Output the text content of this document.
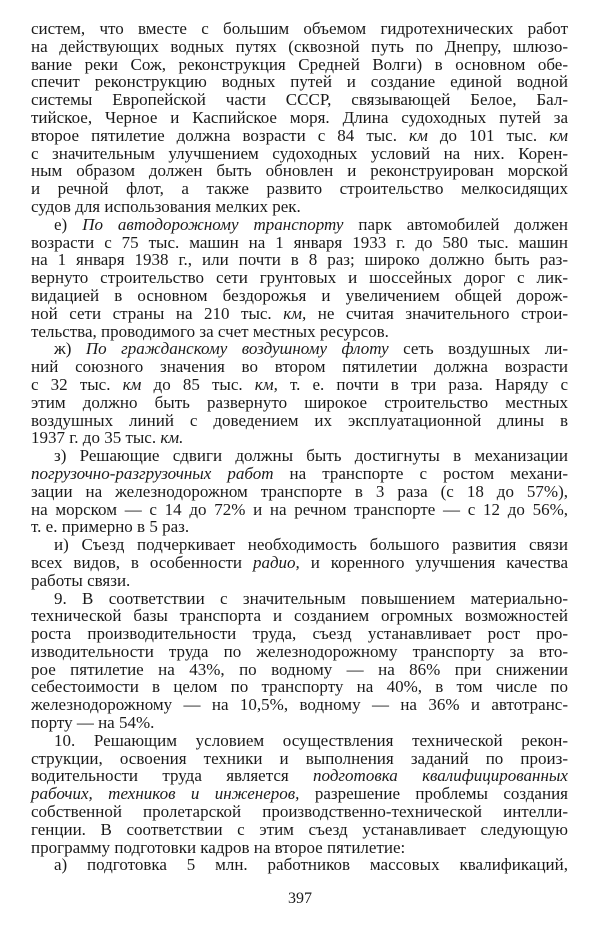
систем, что вместе с большим объемом гидротехнических работ
на действующих водных путях (сквозной путь по Днепру, шлюзо-
вание реки Сож, реконструкция Средней Волги) в основном обе-
спечит реконструкцию водных путей и создание единой водной
системы Европейской части СССР, связывающей Белое, Бал-
тийское, Черное и Каспийское моря. Длина судоходных путей за
второе пятилетие должна возрасти с 84 тыс. км до 101 тыс. км
с значительным улучшением судоходных условий на них. Корен-
ным образом должен быть обновлен и реконструирован морской
и речной флот, а также развито строительство мелкосидящих
судов для использования мелких рек.
е) По автодорожному транспорту парк автомобилей должен
возрасти с 75 тыс. машин на 1 января 1933 г. до 580 тыс. машин
на 1 января 1938 г., или почти в 8 раз; широко должно быть раз-
вернуто строительство сети грунтовых и шоссейных дорог с лик-
видацией в основном бездорожья и увеличением общей дорож-
ной сети страны на 210 тыс. км, не считая значительного строи-
тельства, проводимого за счет местных ресурсов.
ж) По гражданскому воздушному флоту сеть воздушных ли-
ний союзного значения во втором пятилетии должна возрасти
с 32 тыс. км до 85 тыс. км, т. е. почти в три раза. Наряду с
этим должно быть развернуто широкое строительство местных
воздушных линий с доведением их эксплуатационной длины в
1937 г. до 35 тыс. км.
з) Решающие сдвиги должны быть достигнуты в механизации
погрузочно-разгрузочных работ на транспорте с ростом механи-
зации на железнодорожном транспорте в 3 раза (с 18 до 57%),
на морском — с 14 до 72% и на речном транспорте — с 12 до 56%,
т. е. примерно в 5 раз.
и) Съезд подчеркивает необходимость большого развития связи
всех видов, в особенности радио, и коренного улучшения качества
работы связи.
9. В соответствии с значительным повышением материально-
технической базы транспорта и созданием огромных возможностей
роста производительности труда, съезд устанавливает рост про-
изводительности труда по железнодорожному транспорту за вто-
рое пятилетие на 43%, по водному — на 86% при снижении
себестоимости в целом по транспорту на 40%, в том числе по
железнодорожному — на 10,5%, водному — на 36% и автотранс-
порту — на 54%.
10. Решающим условием осуществления технической рекон-
струкции, освоения техники и выполнения заданий по произ-
водительности труда является подготовка квалифицированных
рабочих, техников и инженеров, разрешение проблемы создания
собственной пролетарской производственно-технической интелли-
генции. В соответствии с этим съезд устанавливает следующую
программу подготовки кадров на второе пятилетие:
а) подготовка 5 млн. работников массовых квалификаций,
397
